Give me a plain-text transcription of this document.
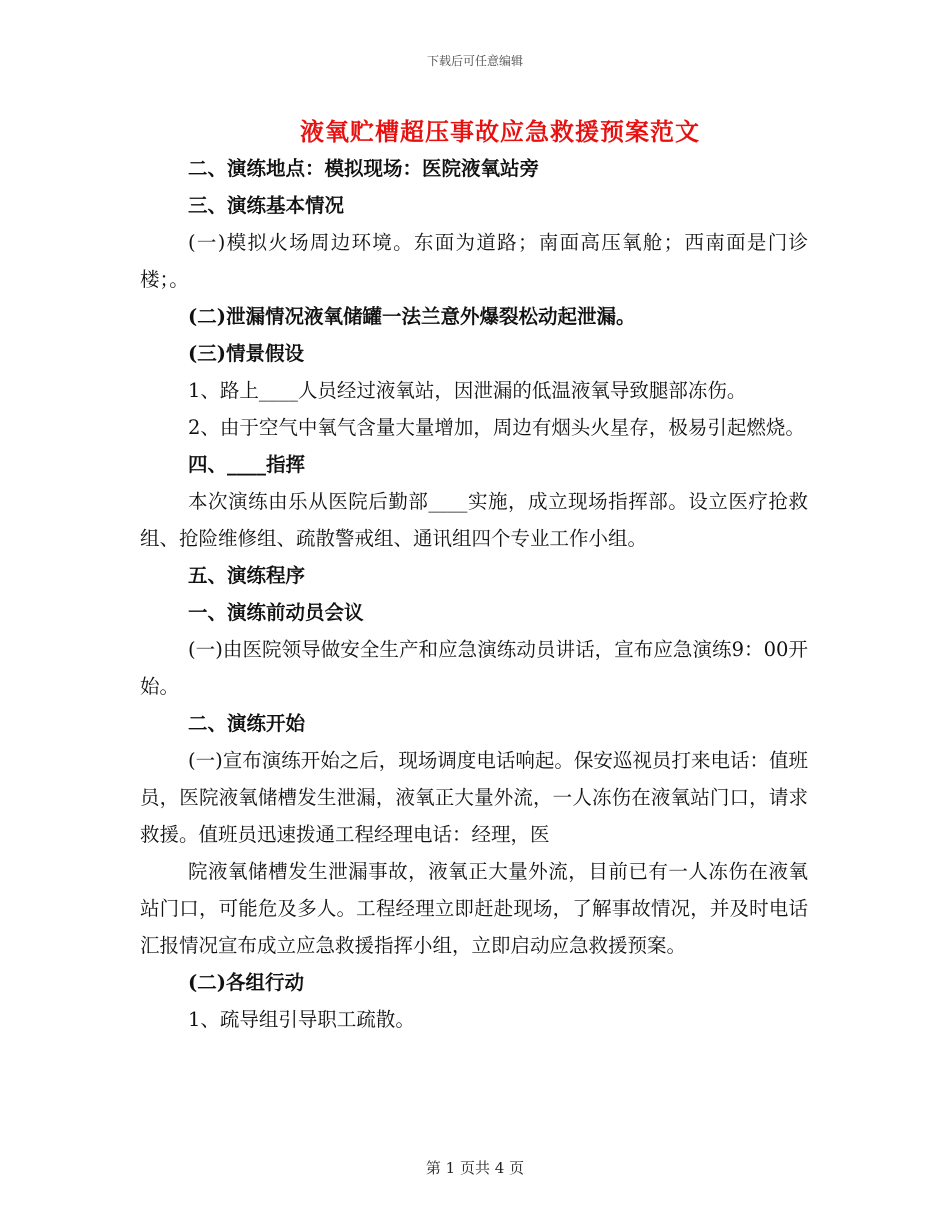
下载后可任意编辑
液氧贮槽超压事故应急救援预案范文

二、演练地点：模拟现场：医院液氧站旁

三、演练基本情况

(一)模拟火场周边环境。东面为道路；南面高压氧舱；西南面是门诊楼；。

(二)泄漏情况液氧储罐一法兰意外爆裂松动起泄漏。

(三)情景假设

1、路上____人员经过液氧站，因泄漏的低温液氧导致腿部冻伤。

2、由于空气中氧气含量大量增加，周边有烟头火星存，极易引起燃烧。

四、____指挥

本次演练由乐从医院后勤部____实施，成立现场指挥部。设立医疗抢救组、抢险维修组、疏散警戒组、通讯组四个专业工作小组。

五、演练程序

一、演练前动员会议

(一)由医院领导做安全生产和应急演练动员讲话，宣布应急演练9：00开始。

二、演练开始

(一)宣布演练开始之后，现场调度电话响起。保安巡视员打来电话：值班员，医院液氧储槽发生泄漏，液氧正大量外流，一人冻伤在液氧站门口，请求救援。值班员迅速拨通工程经理电话：经理，医

院液氧储槽发生泄漏事故，液氧正大量外流，目前已有一人冻伤在液氧站门口，可能危及多人。工程经理立即赶赴现场，了解事故情况，并及时电话汇报情况宣布成立应急救援指挥小组，立即启动应急救援预案。

(二)各组行动

1、疏导组引导职工疏散。

第 1 页共 4 页
